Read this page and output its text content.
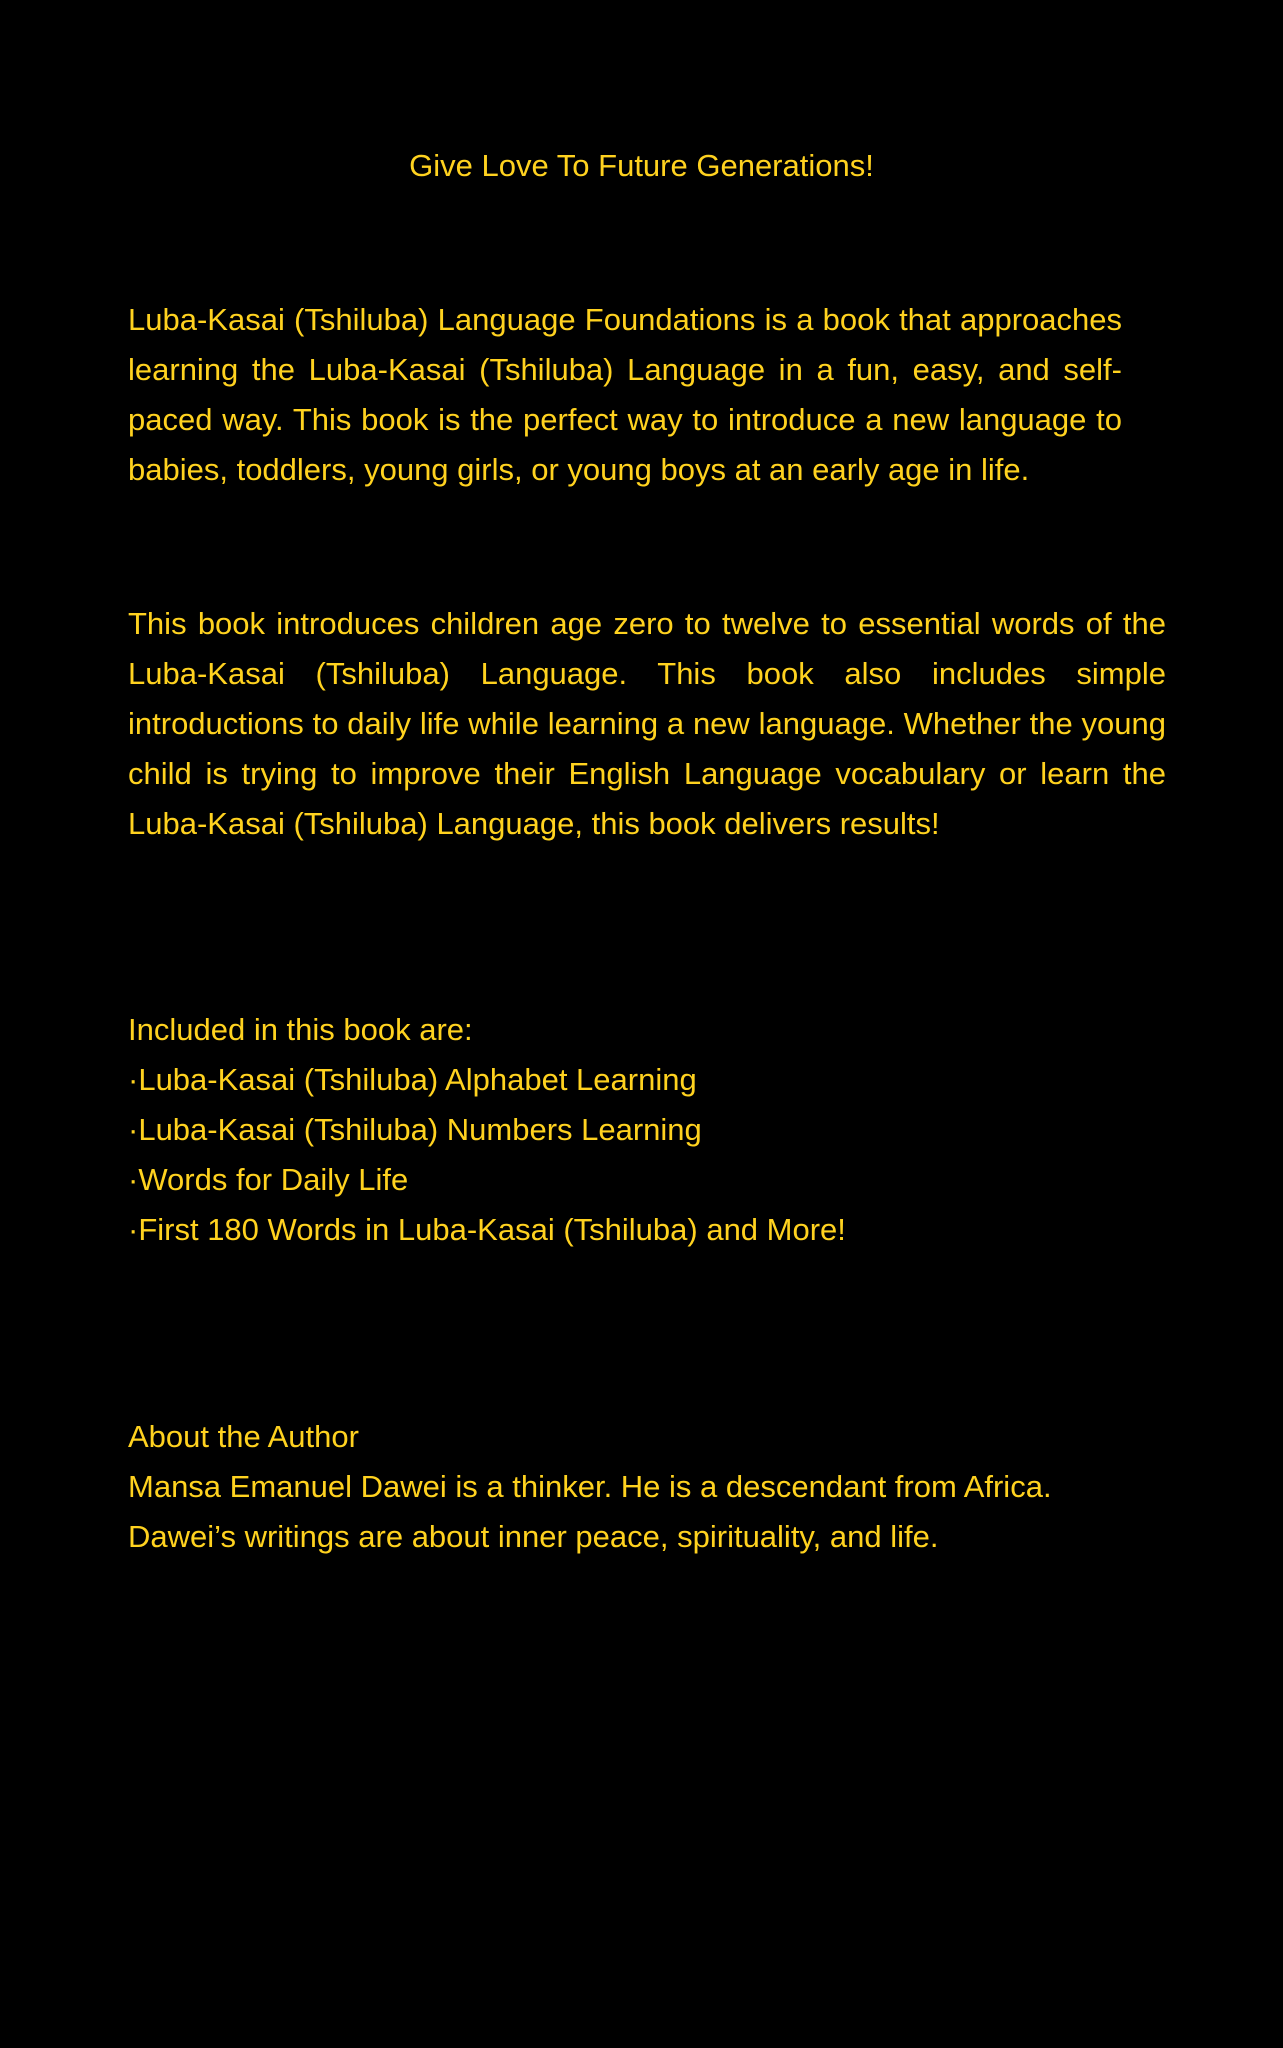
Give Love To Future Generations!

Luba-Kasai (Tshiluba) Language Foundations is a book that approaches learning the Luba-Kasai (Tshiluba) Language in a fun, easy, and self-paced way. This book is the perfect way to introduce a new language to babies, toddlers, young girls, or young boys at an early age in life.

This book introduces children age zero to twelve to essential words of the Luba-Kasai (Tshiluba) Language. This book also includes simple introductions to daily life while learning a new language. Whether the young child is trying to improve their English Language vocabulary or learn the Luba-Kasai (Tshiluba) Language, this book delivers results!

Included in this book are:
·Luba-Kasai (Tshiluba) Alphabet Learning
·Luba-Kasai (Tshiluba) Numbers Learning
·Words for Daily Life
·First 180 Words in Luba-Kasai (Tshiluba) and More!
About the Author
Mansa Emanuel Dawei is a thinker. He is a descendant from Africa. Dawei’s writings are about inner peace, spirituality, and life.
